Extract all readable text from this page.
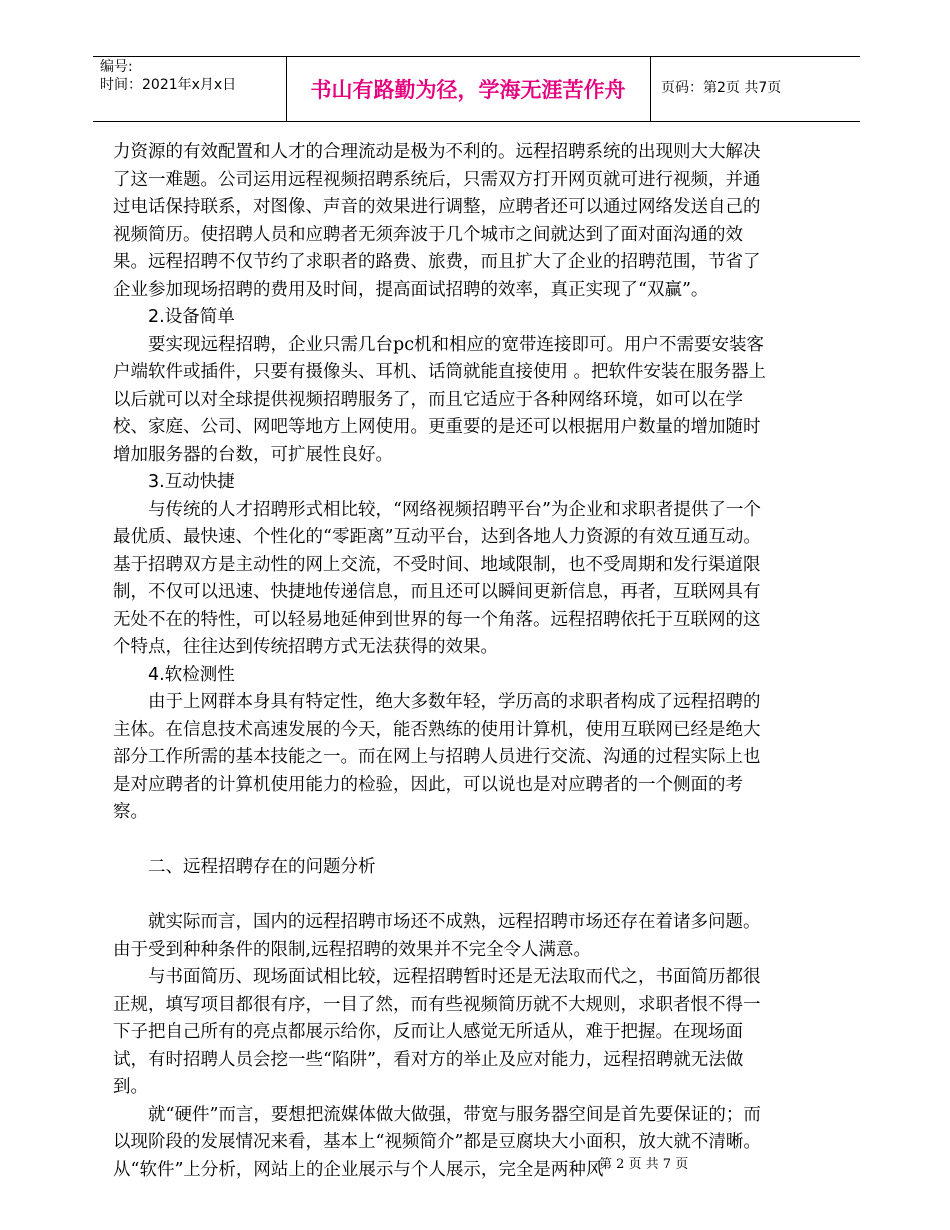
编号:
时间：2021年x月x日	书山有路勤为径，学海无涯苦作舟	页码：第2页 共7页

力资源的有效配置和人才的合理流动是极为不利的。远程招聘系统的出现则大大解决了这一难题。公司运用远程视频招聘系统后，只需双方打开网页就可进行视频，并通过电话保持联系，对图像、声音的效果进行调整，应聘者还可以通过网络发送自己的视频简历。使招聘人员和应聘者无须奔波于几个城市之间就达到了面对面沟通的效果。远程招聘不仅节约了求职者的路费、旅费，而且扩大了企业的招聘范围，节省了企业参加现场招聘的费用及时间，提高面试招聘的效率，真正实现了“双赢”。

2.设备简单

要实现远程招聘，企业只需几台pc机和相应的宽带连接即可。用户不需要安装客户端软件或插件，只要有摄像头、耳机、话筒就能直接使用 。把软件安装在服务器上以后就可以对全球提供视频招聘服务了，而且它适应于各种网络环境，如可以在学校、家庭、公司、网吧等地方上网使用。更重要的是还可以根据用户数量的增加随时增加服务器的台数，可扩展性良好。

3.互动快捷

与传统的人才招聘形式相比较，“网络视频招聘平台”为企业和求职者提供了一个最优质、最快速、个性化的“零距离”互动平台，达到各地人力资源的有效互通互动。基于招聘双方是主动性的网上交流，不受时间、地域限制，也不受周期和发行渠道限制，不仅可以迅速、快捷地传递信息，而且还可以瞬间更新信息，再者，互联网具有无处不在的特性，可以轻易地延伸到世界的每一个角落。远程招聘依托于互联网的这个特点，往往达到传统招聘方式无法获得的效果。

4.软检测性

由于上网群本身具有特定性，绝大多数年轻，学历高的求职者构成了远程招聘的主体。在信息技术高速发展的今天，能否熟练的使用计算机，使用互联网已经是绝大部分工作所需的基本技能之一。而在网上与招聘人员进行交流、沟通的过程实际上也是对应聘者的计算机使用能力的检验，因此，可以说也是对应聘者的一个侧面的考察。

二、远程招聘存在的问题分析

就实际而言，国内的远程招聘市场还不成熟，远程招聘市场还存在着诸多问题。由于受到种种条件的限制,远程招聘的效果并不完全令人满意。

与书面简历、现场面试相比较，远程招聘暂时还是无法取而代之，书面简历都很正规，填写项目都很有序，一目了然，而有些视频简历就不大规则，求职者恨不得一下子把自己所有的亮点都展示给你，反而让人感觉无所适从，难于把握。在现场面试，有时招聘人员会挖一些“陷阱”，看对方的举止及应对能力，远程招聘就无法做到。

就“硬件”而言，要想把流媒体做大做强，带宽与服务器空间是首先要保证的；而以现阶段的发展情况来看，基本上“视频简介”都是豆腐块大小面积，放大就不清晰。从“软件”上分析，网站上的企业展示与个人展示，完全是两种风

第 2 页 共 7 页
